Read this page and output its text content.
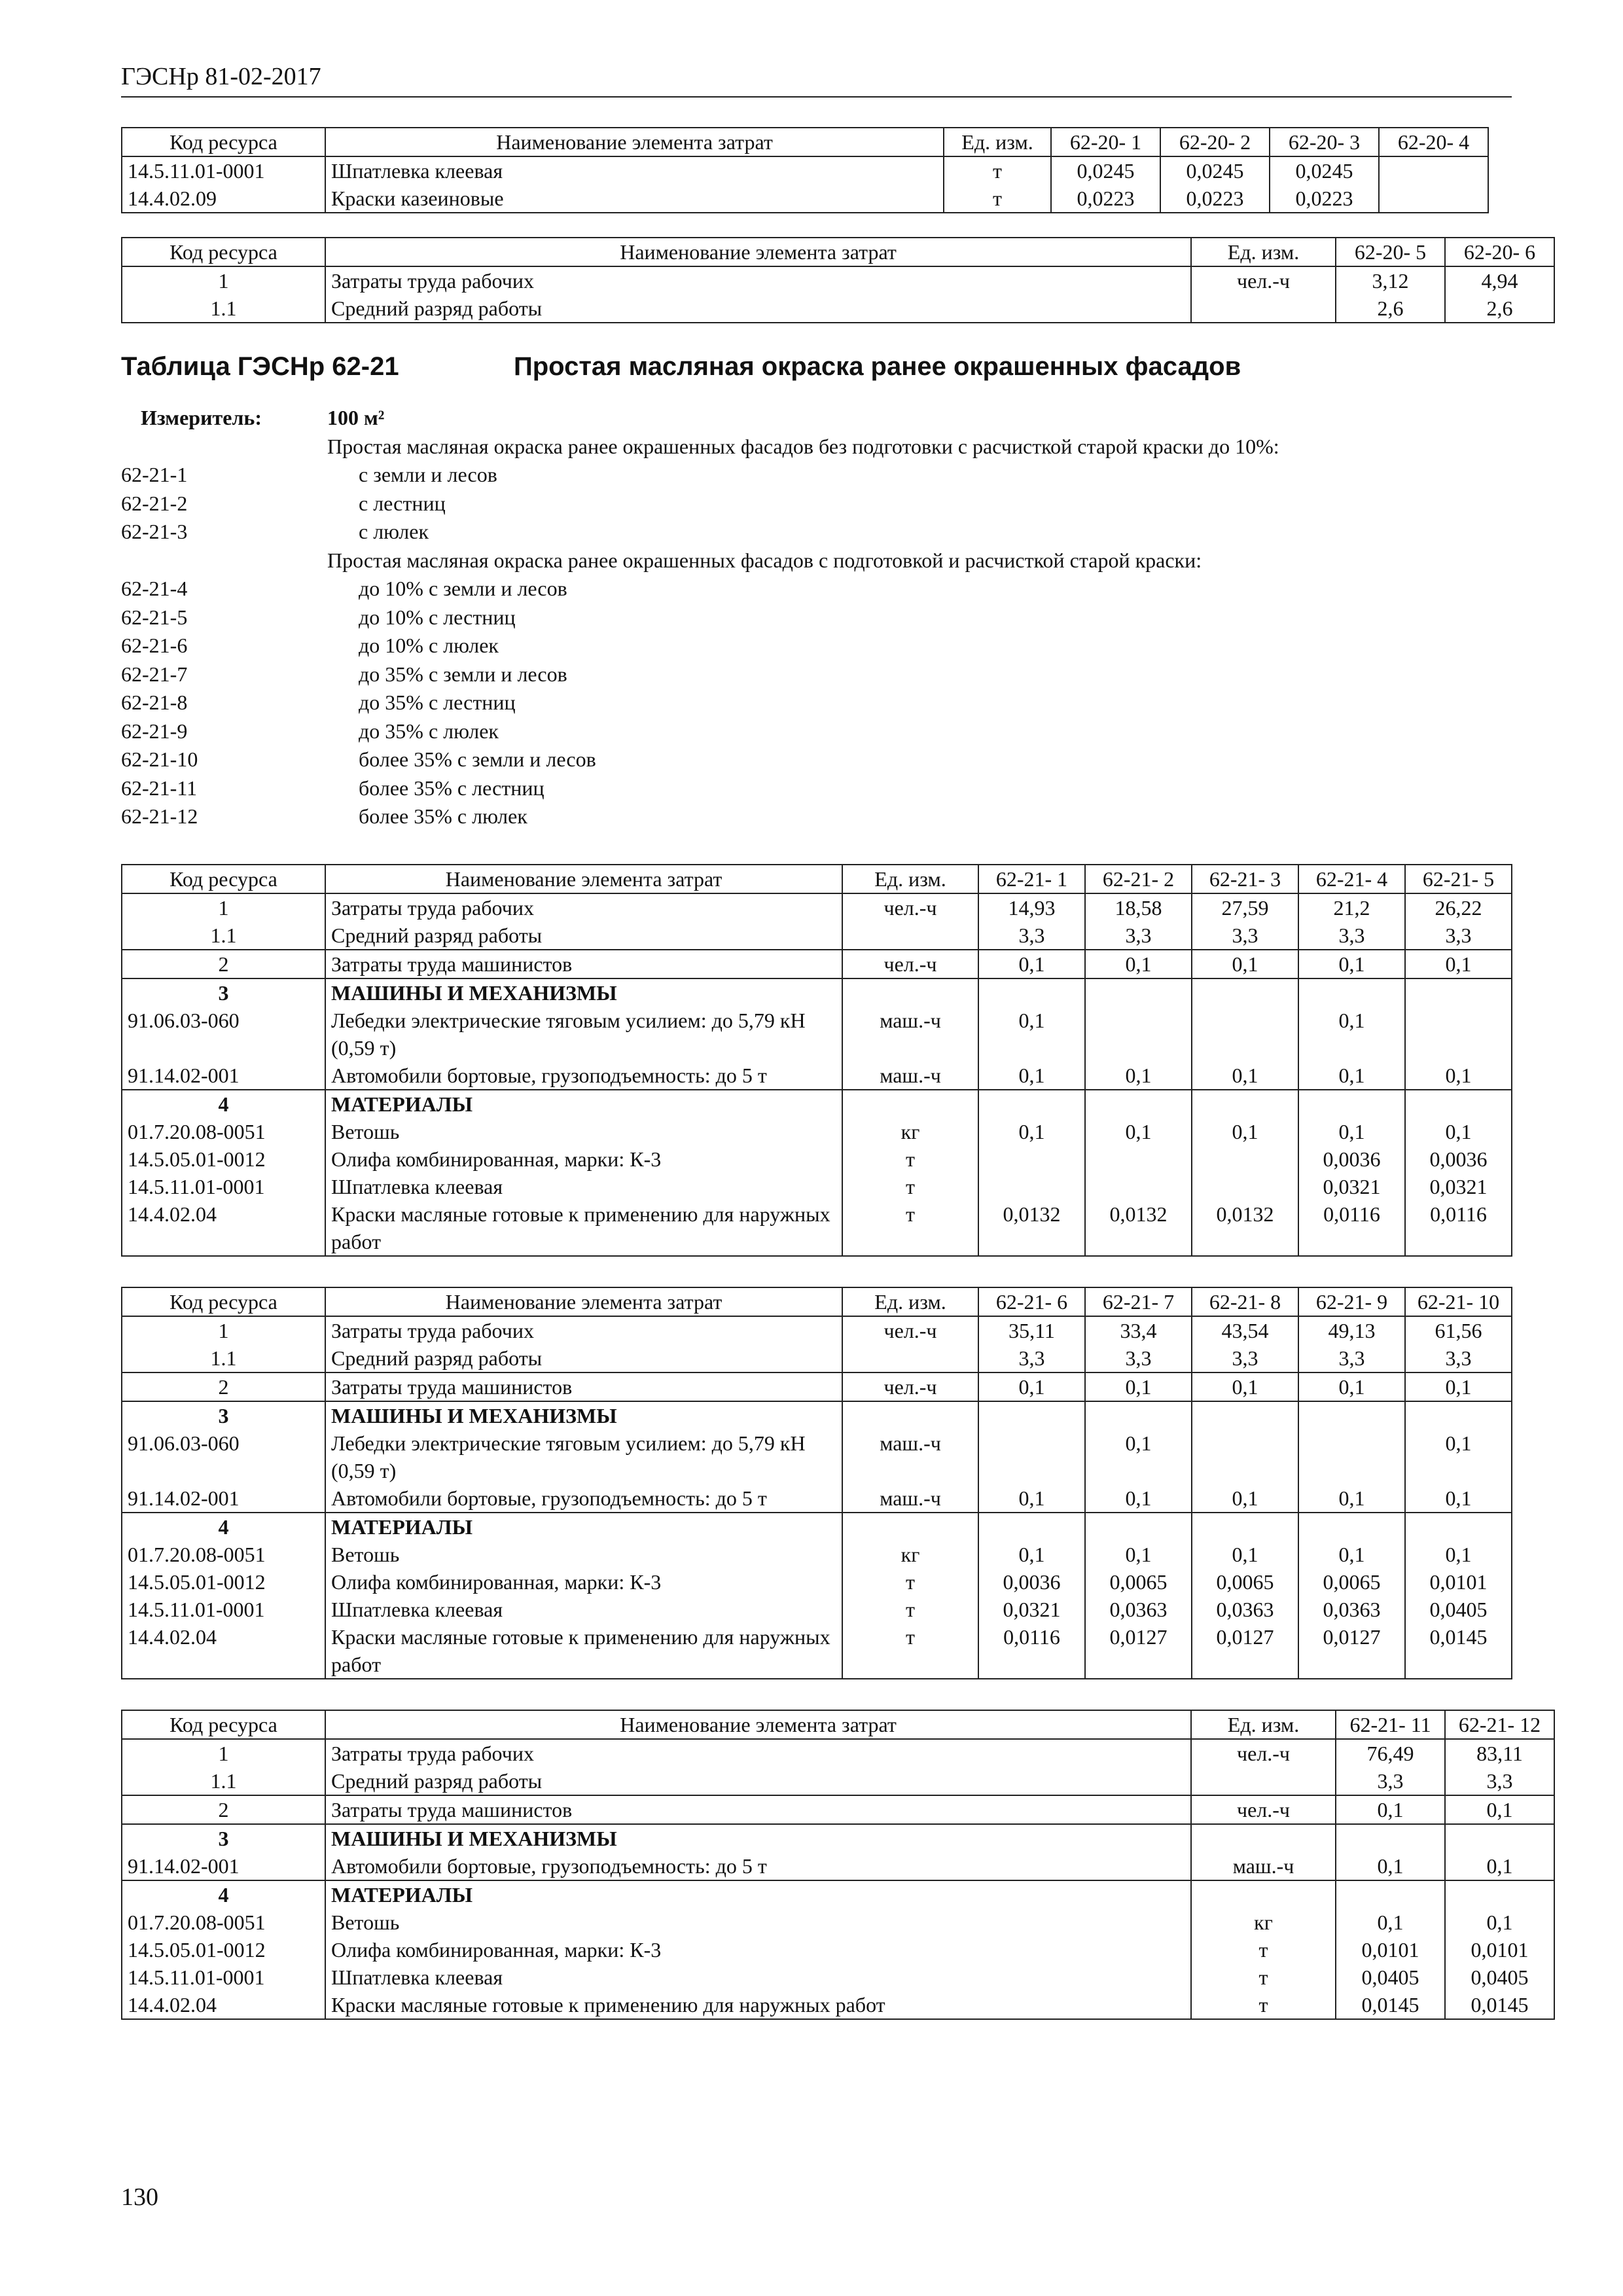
ГЭСНр 81-02-2017
Код ресурса	Наименование элемента затрат	Ед. изм.	62-20- 1	62-20- 2	62-20- 3	62-20- 4
14.5.11.01-0001	Шпатлевка клеевая	т	0,0245	0,0245	0,0245	
14.4.02.09	Краски казеиновые	т	0,0223	0,0223	0,0223	
Код ресурса	Наименование элемента затрат	Ед. изм.	62-20- 5	62-20- 6
1	Затраты труда рабочих	чел.-ч	3,12	4,94
1.1	Средний разряд работы		2,6	2,6
Таблица ГЭСНр 62-21	Простая масляная окраска ранее окрашенных фасадов
Измеритель:	100 м²
Простая масляная окраска ранее окрашенных фасадов без подготовки с расчисткой старой краски до 10%:
62-21-1	с земли и лесов
62-21-2	с лестниц
62-21-3	с люлек
Простая масляная окраска ранее окрашенных фасадов с подготовкой и расчисткой старой краски:
62-21-4	до 10% с земли и лесов
62-21-5	до 10% с лестниц
62-21-6	до 10% с люлек
62-21-7	до 35% с земли и лесов
62-21-8	до 35% с лестниц
62-21-9	до 35% с люлек
62-21-10	более 35% с земли и лесов
62-21-11	более 35% с лестниц
62-21-12	более 35% с люлек
Код ресурса	Наименование элемента затрат	Ед. изм.	62-21- 1	62-21- 2	62-21- 3	62-21- 4	62-21- 5
1	Затраты труда рабочих	чел.-ч	14,93	18,58	27,59	21,2	26,22
1.1	Средний разряд работы		3,3	3,3	3,3	3,3	3,3
2	Затраты труда машинистов	чел.-ч	0,1	0,1	0,1	0,1	0,1
3	МАШИНЫ И МЕХАНИЗМЫ						
91.06.03-060	Лебедки электрические тяговым усилием: до 5,79 кН (0,59 т)	маш.-ч	0,1			0,1	
91.14.02-001	Автомобили бортовые, грузоподъемность: до 5 т	маш.-ч	0,1	0,1	0,1	0,1	0,1
4	МАТЕРИАЛЫ						
01.7.20.08-0051	Ветошь	кг	0,1	0,1	0,1	0,1	0,1
14.5.05.01-0012	Олифа комбинированная, марки: К-3	т				0,0036	0,0036
14.5.11.01-0001	Шпатлевка клеевая	т				0,0321	0,0321
14.4.02.04	Краски масляные готовые к применению для наружных работ	т	0,0132	0,0132	0,0132	0,0116	0,0116
Код ресурса	Наименование элемента затрат	Ед. изм.	62-21- 6	62-21- 7	62-21- 8	62-21- 9	62-21- 10
1	Затраты труда рабочих	чел.-ч	35,11	33,4	43,54	49,13	61,56
1.1	Средний разряд работы		3,3	3,3	3,3	3,3	3,3
2	Затраты труда машинистов	чел.-ч	0,1	0,1	0,1	0,1	0,1
3	МАШИНЫ И МЕХАНИЗМЫ						
91.06.03-060	Лебедки электрические тяговым усилием: до 5,79 кН (0,59 т)	маш.-ч		0,1			0,1
91.14.02-001	Автомобили бортовые, грузоподъемность: до 5 т	маш.-ч	0,1	0,1	0,1	0,1	0,1
4	МАТЕРИАЛЫ						
01.7.20.08-0051	Ветошь	кг	0,1	0,1	0,1	0,1	0,1
14.5.05.01-0012	Олифа комбинированная, марки: К-3	т	0,0036	0,0065	0,0065	0,0065	0,0101
14.5.11.01-0001	Шпатлевка клеевая	т	0,0321	0,0363	0,0363	0,0363	0,0405
14.4.02.04	Краски масляные готовые к применению для наружных работ	т	0,0116	0,0127	0,0127	0,0127	0,0145
Код ресурса	Наименование элемента затрат	Ед. изм.	62-21- 11	62-21- 12
1	Затраты труда рабочих	чел.-ч	76,49	83,11
1.1	Средний разряд работы		3,3	3,3
2	Затраты труда машинистов	чел.-ч	0,1	0,1
3	МАШИНЫ И МЕХАНИЗМЫ			
91.14.02-001	Автомобили бортовые, грузоподъемность: до 5 т	маш.-ч	0,1	0,1
4	МАТЕРИАЛЫ			
01.7.20.08-0051	Ветошь	кг	0,1	0,1
14.5.05.01-0012	Олифа комбинированная, марки: К-3	т	0,0101	0,0101
14.5.11.01-0001	Шпатлевка клеевая	т	0,0405	0,0405
14.4.02.04	Краски масляные готовые к применению для наружных работ	т	0,0145	0,0145
130
